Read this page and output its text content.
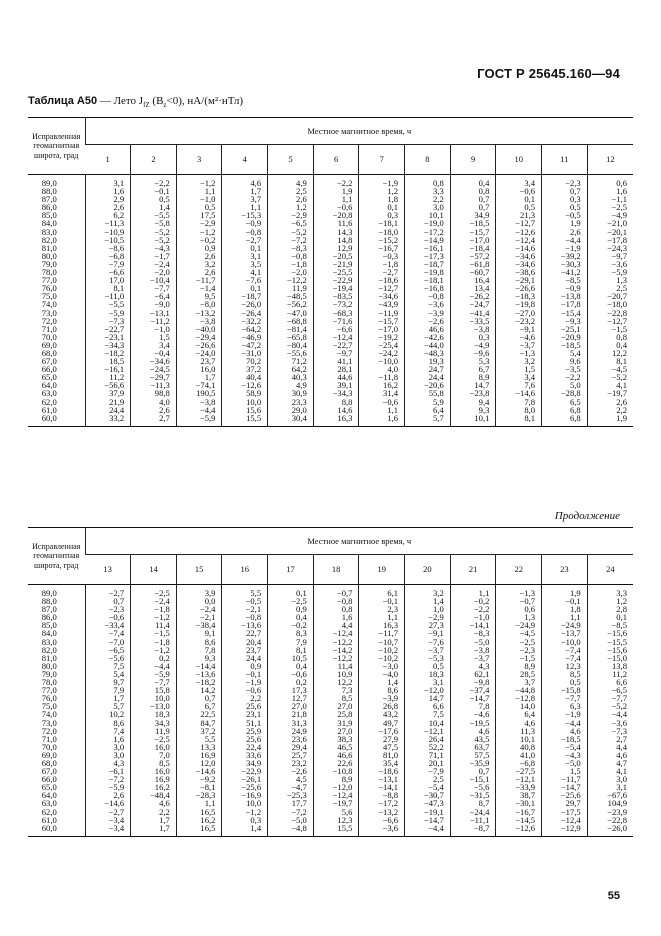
ГОСТ Р 25645.160—94
Таблица А50 — Лето $J_{fZ}$ $(B_z<0)$, нА/(м²·нТл)
Исправленная геомагнитная широта, град	Местное магнитное время, ч											
	1	2	3	4	5	6	7	8	9	10	11	12
89,0	3,1	−2,2	−1,2	4,6	4,9	−2,2	−1,9	0,8	0,4	3,4	−2,3	0,6
88,0	1,6	−0,1	1,1	1,7	2,5	1,9	1,2	3,3	0,8	−0,6	0,7	1,6
87,0	2,9	0,5	−1,0	3,7	2,6	1,1	1,8	2,2	0,7	0,1	0,3	−1,1
86,0	2,6	1,4	0,5	1,1	1,2	−0,6	0,1	3,0	0,7	0,5	0,5	−2,5
85,0	6,2	−5,5	17,5	−15,3	−2,9	−20,8	0,3	10,1	34,9	21,3	−0,5	−4,9
84,0	−11,3	−5,8	−2,9	−0,9	−6,5	11,6	−18,1	−19,0	−18,5	−12,7	1,9	−21,0
83,0	−10,9	−5,2	−1,2	−0,8	−5,2	14,3	−18,0	−17,2	−15,7	−12,6	2,6	−20,1
82,0	−10,5	−5,2	−0,2	−2,7	−7,2	14,8	−15,2	−14,9	−17,0	−12,4	−4,4	−17,8
81,0	−8,6	−4,3	0,9	0,1	−8,3	12,9	−16,7	−16,1	−18,4	−14,6	−1,9	−24,3
80,0	−6,8	−1,7	2,6	3,1	−0,8	−20,5	−0,3	−17,3	−57,2	−34,6	−39,2	−9,7
79,0	−7,9	−2,4	3,2	3,5	−1,8	−21,9	−1,8	−18,7	−61,8	−34,6	−30,3	−3,6
78,0	−6,6	−2,0	2,6	4,1	−2,0	−25,5	−2,7	−19,8	−60,7	−38,6	−41,2	−5,9
77,0	17,0	−10,4	−11,7	−7,6	−12,2	−22,9	−18,6	−18,1	16,4	−29,1	−8,5	1,3
76,0	8,1	−7,7	−1,4	0,1	11,9	−19,4	−12,7	−16,8	13,4	−26,6	−0,9	2,5
75,0	−11,0	−6,4	9,5	−18,7	−48,5	−83,5	−34,6	−0,8	−26,2	−18,3	−13,8	−20,7
74,0	−5,5	−9,0	−8,0	−26,0	−56,2	−73,2	−43,9	−3,6	−24,7	−19,8	−17,8	−18,0
73,0	−5,9	−13,1	−13,2	−26,4	−47,0	−68,3	−11,9	−3,9	−41,4	−27,0	−15,4	−22,8
72,0	−7,3	−11,2	−3,8	−32,2	−68,8	−71,6	−15,7	−2,6	−33,5	−23,2	−9,3	−12,7
71,0	−22,7	−1,0	−40,0	−64,2	−81,4	−6,6	−17,0	46,6	−3,8	−9,1	−25,1	−1,5
70,0	−23,1	1,5	−29,4	−46,9	−65,8	−12,4	−19,2	−42,6	0,3	−4,6	−20,9	0,8
69,0	−34,3	3,4	−26,6	−47,2	−80,4	−22,7	−25,4	−44,0	−4,9	−3,7	−18,5	0,4
68,0	−18,2	−0,4	−24,0	−31,0	−55,6	−9,7	−24,2	−48,3	−9,6	−1,3	5,4	12,2
67,0	18,5	−34,6	23,7	70,2	71,2	41,1	−10,0	19,3	5,3	3,2	9,6	8,1
66,0	−16,1	−24,5	16,0	37,2	64,2	28,1	4,0	24,7	6,7	1,5	−3,5	−4,5
65,0	11,2	−29,7	1,7	40,4	40,3	44,6	−11,8	24,4	8,9	3,4	−2,2	−5,2
64,0	−56,6	−11,3	−74,1	−12,6	4,9	39,1	16,2	−20,6	14,7	7,6	5,0	4,1
63,0	37,9	98,8	190,5	58,9	30,9	−34,3	31,4	55,8	−23,8	−14,6	−28,8	−19,7
62,0	21,9	4,0	−3,8	10,0	23,3	8,8	−0,6	5,9	9,4	7,8	6,5	2,6
61,0	24,4	2,6	−4,4	15,6	29,0	14,6	1,1	6,4	9,3	8,0	6,8	2,2
60,0	33,2	2,7	−5,9	15,5	30,4	16,3	1,6	5,7	10,1	8,1	6,8	1,9
Продолжение
Исправленная геомагнитная широта, град	Местное магнитное время, ч											
	13	14	15	16	17	18	19	20	21	22	23	24
89,0	−2,7	−2,5	3,9	5,5	0,1	−0,7	6,1	3,2	1,1	−1,3	1,9	3,3
88,0	0,7	−2,4	0,0	−0,5	−2,5	−0,8	−0,1	1,4	−0,2	−0,7	−0,1	1,2
87,0	−2,3	−1,8	−2,4	−2,1	0,9	0,8	2,3	1,0	−2,2	0,6	1,8	2,8
86,0	−0,6	−1,2	−2,1	−0,8	0,4	1,6	1,1	−2,9	−1,0	1,3	1,1	0,1
85,0	−33,4	11,4	−38,4	−13,6	−0,2	4,4	16,3	27,3	−14,1	−24,9	−24,9	−8,5
84,0	−7,4	−1,5	9,1	22,7	8,3	−12,4	−11,7	−9,1	−8,3	−4,5	−13,7	−15,6
83,0	−7,0	−1,8	8,6	20,4	7,9	−12,2	−10,7	−7,6	−5,0	−2,5	−10,0	−15,5
82,0	−6,5	−1,2	7,8	23,7	8,1	−14,2	−10,2	−3,7	−3,8	−2,3	−7,4	−15,6
81,0	−5,6	0,2	9,3	24,4	10,5	−12,2	−10,2	−5,3	−3,7	−1,5	−7,4	−15,0
80,0	7,5	−4,4	−14,4	0,9	0,4	11,4	−3,0	0,5	4,3	8,9	12,3	13,8
79,0	5,4	−5,9	−13,6	−0,1	−0,6	10,9	−4,0	18,3	62,1	28,5	8,5	11,2
78,0	9,7	−7,7	−18,2	−1,9	0,2	12,2	1,4	3,1	−9,8	3,7	0,5	6,6
77,0	7,9	15,8	14,2	−0,6	17,3	7,3	8,6	−12,0	−37,4	−44,8	−15,8	−6,5
76,0	1,7	10,0	0,7	2,2	12,7	8,5	−3,9	14,7	−14,7	−12,8	−7,7	−7,7
75,0	5,7	−13,0	6,7	25,6	27,0	27,0	26,8	6,6	7,8	14,0	6,3	−5,2
74,0	10,2	18,3	22,5	23,1	21,8	25,8	43,2	7,5	−4,6	6,4	−1,9	−4,4
73,0	8,6	34,3	84,7	51,1	31,3	31,9	49,7	10,4	−19,5	4,6	−4,4	−3,6
72,0	7,4	11,9	37,2	25,9	24,9	27,0	−17,6	−12,1	4,6	11,3	4,6	−7,3
71,0	1,6	−2,5	5,5	25,6	23,6	38,3	27,9	26,4	43,5	10,1	−18,5	2,7
70,0	3,0	16,0	13,3	22,4	29,4	46,5	47,5	52,2	63,7	40,8	−5,4	4,4
69,0	3,0	7,0	16,9	33,6	25,7	46,6	81,0	71,1	57,5	41,0	−4,3	4,6
68,0	4,3	8,5	12,0	34,9	23,2	22,6	35,4	20,1	−35,9	−6,8	−5,0	4,7
67,0	−6,1	16,0	−14,6	−22,9	−2,6	−10,8	−18,6	−7,9	0,7	−27,5	1,5	4,1
66,0	−7,2	16,9	−9,2	−26,1	4,5	8,9	−13,1	2,5	−15,1	−12,1	−11,7	3,0
65,0	−5,9	16,2	−8,1	−25,6	−4,7	−12,0	−14,1	−5,4	−5,6	−33,9	−14,7	3,1
64,0	2,6	−48,4	−28,3	−16,9	−25,3	−12,4	−8,8	−30,7	−31,5	38,7	−25,6	−67,6
63,0	−14,6	4,6	1,1	10,0	17,7	−19,7	−17,2	−47,3	8,7	−30,1	29,7	104,9
62,0	−2,7	2,2	16,5	−1,2	−7,2	5,6	−13,2	−19,1	−24,4	−16,7	−17,5	−23,9
61,0	−3,4	1,7	16,2	0,3	−5,0	12,3	−6,6	−14,7	−11,1	−14,5	−12,4	−22,8
60,0	−3,4	1,7	16,5	1,4	−4,8	15,5	−3,6	−4,4	−8,7	−12,6	−12,9	−26,0
55
